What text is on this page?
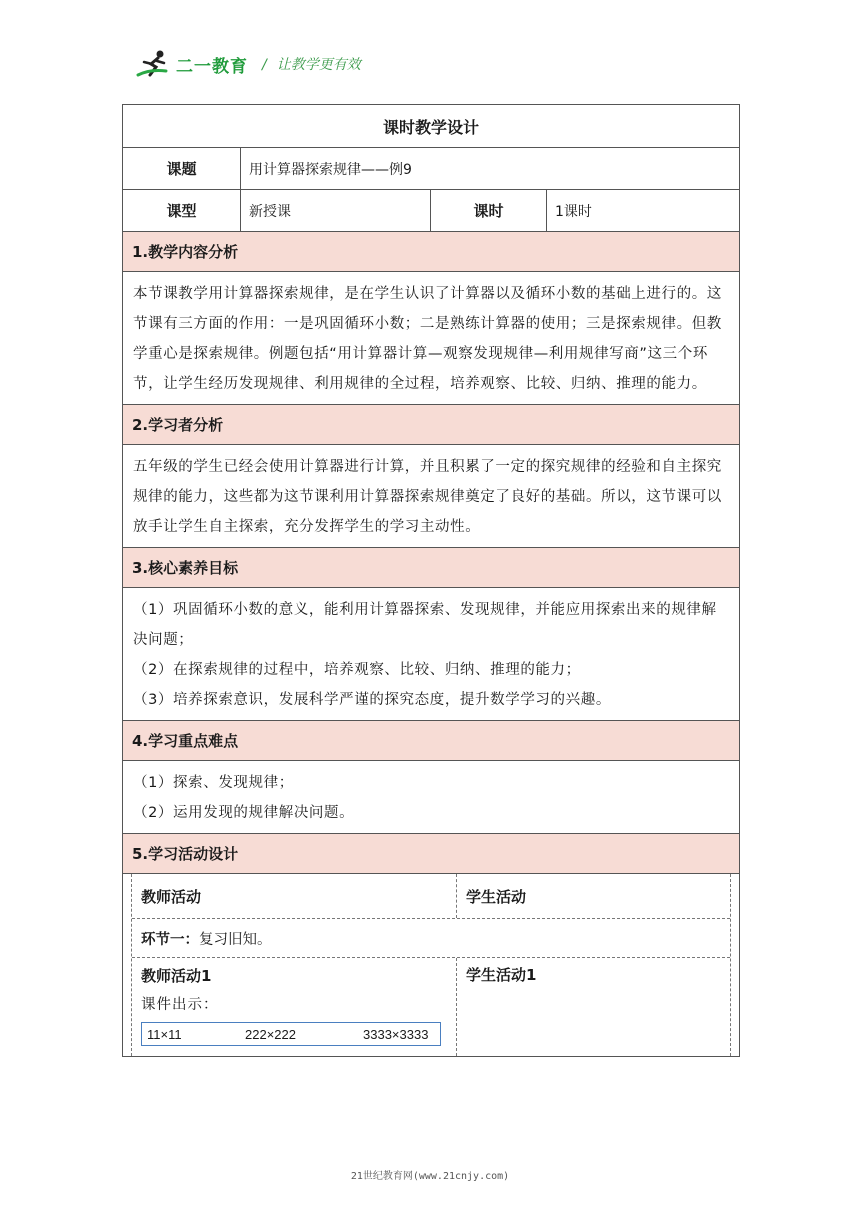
二一教育 / 让教学更有效
课时教学设计
课题	用计算器探索规律——例9
课型	新授课	课时	1课时
1.教学内容分析

本节课教学用计算器探索规律，是在学生认识了计算器以及循环小数的基础上进行的。这节课有三方面的作用：一是巩固循环小数；二是熟练计算器的使用；三是探索规律。但教学重心是探索规律。例题包括“用计算器计算—观察发现规律—利用规律写商”这三个环节，让学生经历发现规律、利用规律的全过程，培养观察、比较、归纳、推理的能力。

2.学习者分析

五年级的学生已经会使用计算器进行计算，并且积累了一定的探究规律的经验和自主探究规律的能力，这些都为这节课利用计算器探索规律奠定了良好的基础。所以，这节课可以放手让学生自主探索，充分发挥学生的学习主动性。

3.核心素养目标

（1）巩固循环小数的意义，能利用计算器探索、发现规律，并能应用探索出来的规律解决问题；

（2）在探索规律的过程中，培养观察、比较、归纳、推理的能力；

（3）培养探索意识，发展科学严谨的探究态度，提升数学学习的兴趣。

4.学习重点难点

（1）探索、发现规律；

（2）运用发现的规律解决问题。

5.学习活动设计
教师活动	学生活动
环节一： 复习旧知。
教师活动1
课件出示：
11×11	222×222	3333×3333
学生活动1
21世纪教育网(www.21cnjy.com)
